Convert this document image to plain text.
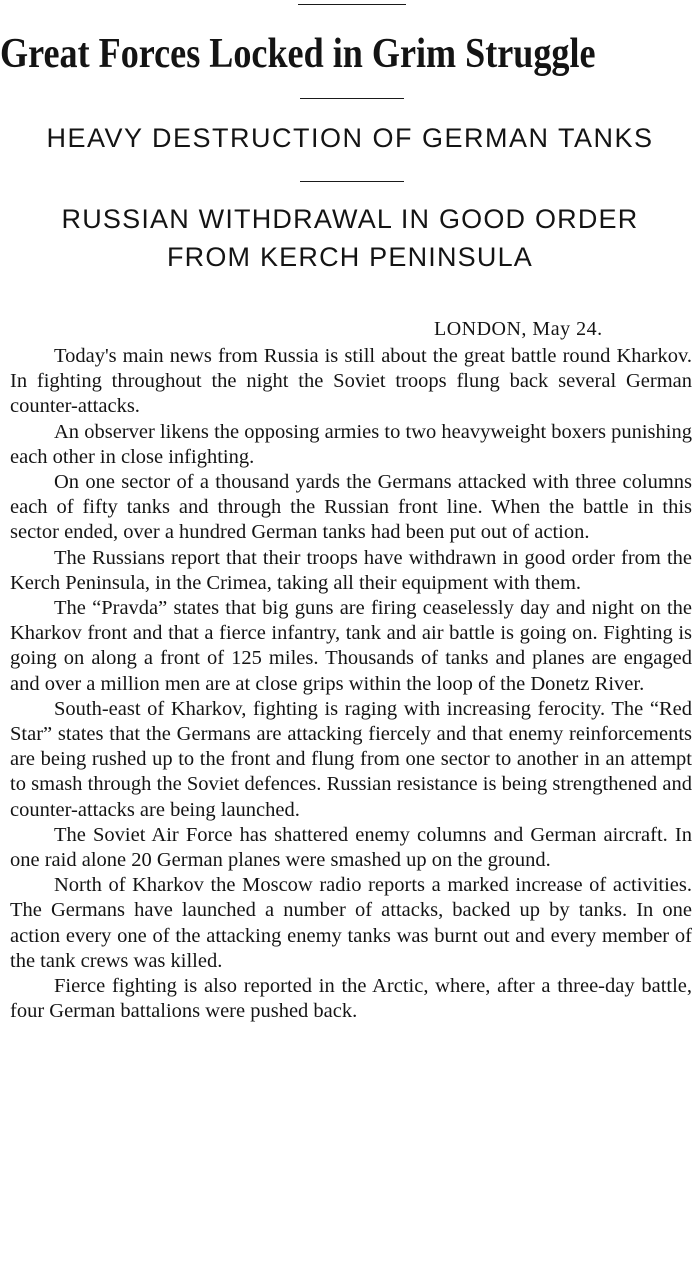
Great Forces Locked in Grim Struggle
HEAVY DESTRUCTION OF GERMAN TANKS
RUSSIAN WITHDRAWAL IN GOOD ORDER
FROM KERCH PENINSULA
LONDON, May 24.

Today's main news from Russia is still about the great battle round Kharkov. In fighting throughout the night the Soviet troops flung back several German counter-attacks.

An observer likens the opposing armies to two heavyweight boxers punishing each other in close infighting.

On one sector of a thousand yards the Germans attacked with three columns each of fifty tanks and through the Russian front line. When the battle in this sector ended, over a hundred German tanks had been put out of action.

The Russians report that their troops have withdrawn in good order from the Kerch Peninsula, in the Crimea, taking all their equipment with them.

The “Pravda” states that big guns are firing ceaselessly day and night on the Kharkov front and that a fierce infantry, tank and air battle is going on. Fighting is going on along a front of 125 miles. Thousands of tanks and planes are engaged and over a million men are at close grips within the loop of the Donetz River.

South-east of Kharkov, fighting is raging with increasing ferocity. The “Red Star” states that the Germans are attacking fiercely and that enemy reinforcements are being rushed up to the front and flung from one sector to another in an attempt to smash through the Soviet defences. Russian resistance is being strengthened and counter-attacks are being launched.

The Soviet Air Force has shattered enemy columns and German aircraft. In one raid alone 20 German planes were smashed up on the ground.

North of Kharkov the Moscow radio reports a marked increase of activities. The Germans have launched a number of attacks, backed up by tanks. In one action every one of the attacking enemy tanks was burnt out and every member of the tank crews was killed.

Fierce fighting is also reported in the Arctic, where, after a three-day battle, four German battalions were pushed back.
